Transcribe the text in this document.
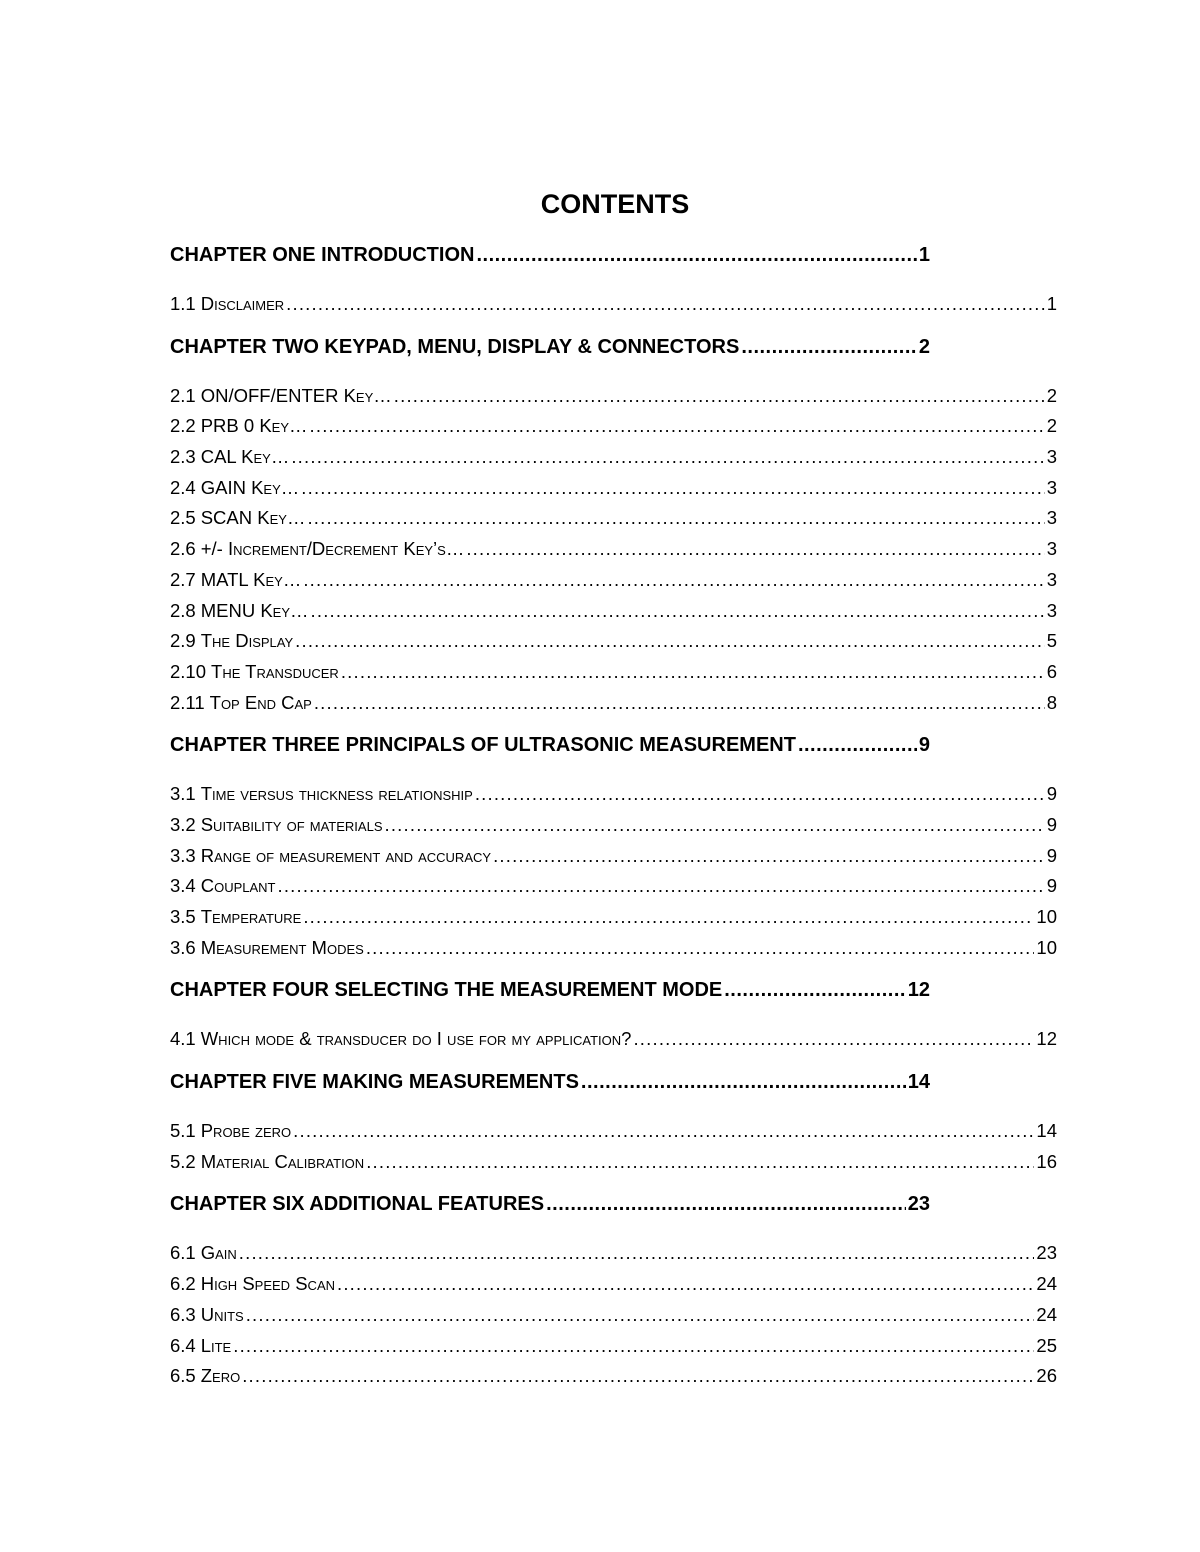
CONTENTS
CHAPTER ONE INTRODUCTION .....	1
1.1 Disclaimer .....	1
CHAPTER TWO KEYPAD, MENU, DISPLAY & CONNECTORS .....	2
2.1 ON/OFF/ENTER Key… .....	2
2.2 PRB 0 Key… .....	2
2.3 CAL Key… .....	3
2.4 GAIN Key… .....	3
2.5 SCAN Key… .....	3
2.6 +/- Increment/Decrement Key’s… .....	3
2.7 MATL Key… .....	3
2.8 MENU Key… .....	3
2.9 The Display .....	5
2.10 The Transducer .....	6
2.11 Top End Cap .....	8
CHAPTER THREE PRINCIPALS OF ULTRASONIC MEASUREMENT .....	9
3.1 Time versus thickness relationship .....	9
3.2 Suitability of materials .....	9
3.3 Range of measurement and accuracy .....	9
3.4 Couplant .....	9
3.5 Temperature .....	10
3.6 Measurement Modes .....	10
CHAPTER FOUR SELECTING THE MEASUREMENT MODE .....	12
4.1 Which mode & transducer do I use for my application? .....	12
CHAPTER FIVE MAKING MEASUREMENTS .....	14
5.1 Probe zero .....	14
5.2 Material Calibration .....	16
CHAPTER SIX ADDITIONAL FEATURES .....	23
6.1 Gain .....	23
6.2 High Speed Scan .....	24
6.3 Units .....	24
6.4 Lite .....	25
6.5 Zero .....	26
